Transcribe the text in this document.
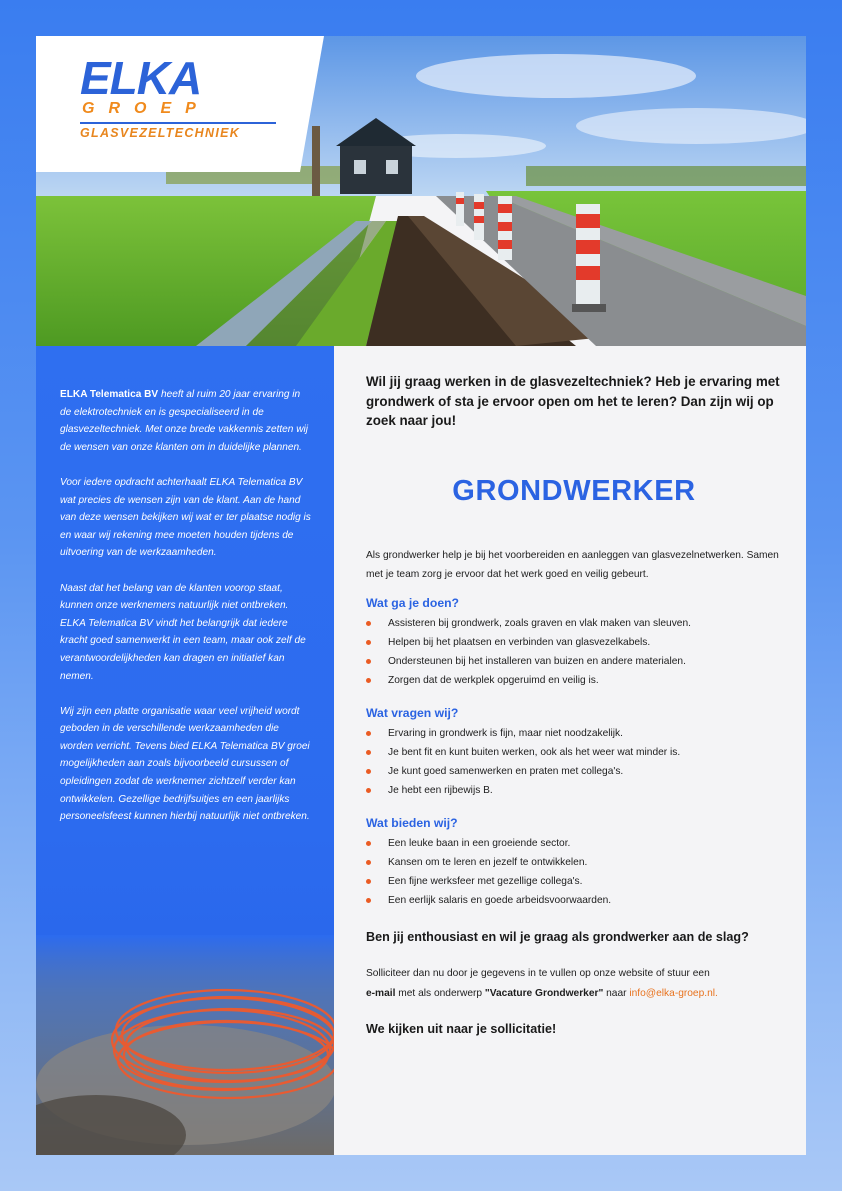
ELKA
GROEP
GLASVEZELTECHNIEK

ELKA Telematica BV heeft al ruim 20 jaar ervaring in de elektrotechniek en is gespecialiseerd in de glasvezeltechniek. Met onze brede vakkennis zetten wij de wensen van onze klanten om in duidelijke plannen.

Voor iedere opdracht achterhaalt ELKA Telematica BV wat precies de wensen zijn van de klant. Aan de hand van deze wensen bekijken wij wat er ter plaatse nodig is en waar wij rekening mee moeten houden tijdens de uitvoering van de werkzaamheden.

Naast dat het belang van de klanten voorop staat, kunnen onze werknemers natuurlijk niet ontbreken. ELKA Telematica BV vindt het belangrijk dat iedere kracht goed samenwerkt in een team, maar ook zelf de verantwoordelijkheden kan dragen en initiatief kan nemen.

Wij zijn een platte organisatie waar veel vrijheid wordt geboden in de verschillende werkzaamheden die worden verricht. Tevens bied ELKA Telematica BV groei mogelijkheden aan zoals bijvoorbeeld cursussen of opleidingen zodat de werknemer zichtzelf verder kan ontwikkelen. Gezellige bedrijfsuitjes en een jaarlijks personeelsfeest kunnen hierbij natuurlijk niet ontbreken.

Wil jij graag werken in de glasvezeltechniek? Heb je ervaring met grondwerk of sta je ervoor open om het te leren? Dan zijn wij op zoek naar jou!
GRONDWERKER
Als grondwerker help je bij het voorbereiden en aanleggen van glasvezelnetwerken. Samen met je team zorg je ervoor dat het werk goed en veilig gebeurt.
Wat ga je doen?
Assisteren bij grondwerk, zoals graven en vlak maken van sleuven.
Helpen bij het plaatsen en verbinden van glasvezelkabels.
Ondersteunen bij het installeren van buizen en andere materialen.
Zorgen dat de werkplek opgeruimd en veilig is.
Wat vragen wij?
Ervaring in grondwerk is fijn, maar niet noodzakelijk.
Je bent fit en kunt buiten werken, ook als het weer wat minder is.
Je kunt goed samenwerken en praten met collega's.
Je hebt een rijbewijs B.
Wat bieden wij?
Een leuke baan in een groeiende sector.
Kansen om te leren en jezelf te ontwikkelen.
Een fijne werksfeer met gezellige collega's.
Een eerlijk salaris en goede arbeidsvoorwaarden.
Ben jij enthousiast en wil je graag als grondwerker aan de slag?
Solliciteer dan nu door je gegevens in te vullen op onze website of stuur een
e-mail met als onderwerp "Vacature Grondwerker" naar info@elka-groep.nl.
We kijken uit naar je sollicitatie!
